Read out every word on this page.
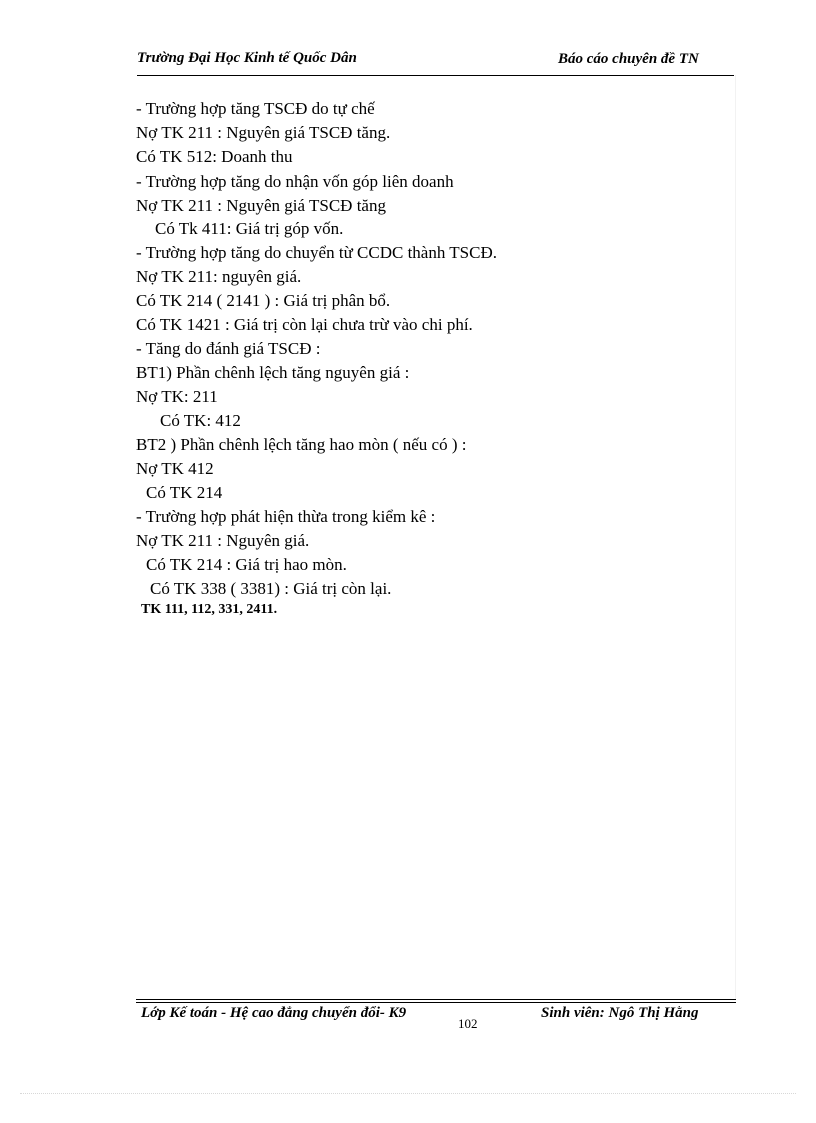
Trường Đại Học Kinh tế Quốc Dân	Báo cáo chuyên đề TN
- Trường hợp tăng TSCĐ do tự chế
Nợ TK 211 : Nguyên giá TSCĐ tăng.
Có TK 512: Doanh thu
- Trường hợp tăng do nhận vốn góp liên doanh
Nợ TK 211 : Nguyên giá TSCĐ tăng
Có Tk 411: Giá trị góp vốn.
- Trường hợp tăng do chuyển từ CCDC thành TSCĐ.
Nợ TK 211: nguyên giá.
Có TK 214 ( 2141 ) : Giá trị phân bổ.
Có TK 1421 : Giá trị còn lại chưa trừ vào chi phí.
- Tăng do đánh giá TSCĐ :
BT1) Phần chênh lệch tăng nguyên giá :
Nợ TK: 211
Có TK: 412
BT2 ) Phần chênh lệch tăng hao mòn ( nếu có ) :
Nợ TK 412
Có TK 214
- Trường hợp phát hiện thừa trong kiểm kê :
Nợ TK 211 : Nguyên giá.
Có TK 214 : Giá trị hao mòn.
Có TK 338 ( 3381) : Giá trị còn lại.
TK 111, 112, 331, 2411.
Lớp Kế toán - Hệ cao đẳng chuyển đổi- K9
102
Sinh viên: Ngô Thị Hằng
